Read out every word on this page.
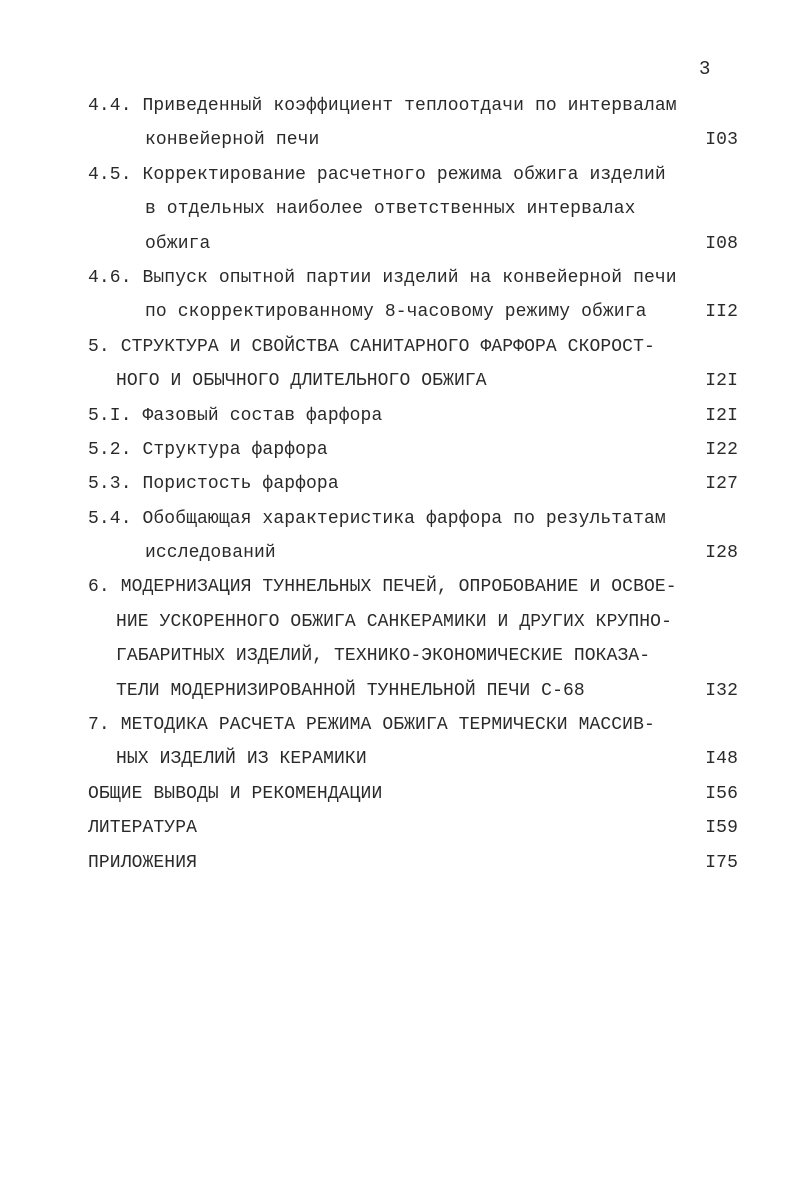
3
4.4. Приведенный коэффициент теплоотдачи по интервалам
конвейерной печи	I03
4.5. Корректирование расчетного режима обжига изделий
в отдельных наиболее ответственных интервалах
обжига	I08
4.6. Выпуск опытной партии изделий на конвейерной печи
по скорректированному 8-часовому режиму обжига	II2
5. СТРУКТУРА И СВОЙСТВА САНИТАРНОГО ФАРФОРА СКОРОСТ-
НОГО И ОБЫЧНОГО ДЛИТЕЛЬНОГО ОБЖИГА	I2I
5.I. Фазовый состав фарфора	I2I
5.2. Структура фарфора	I22
5.3. Пористость фарфора	I27
5.4. Обобщающая характеристика фарфора по результатам
исследований	I28
6. МОДЕРНИЗАЦИЯ ТУННЕЛЬНЫХ ПЕЧЕЙ, ОПРОБОВАНИЕ И ОСВОЕ-
НИЕ УСКОРЕННОГО ОБЖИГА САНКЕРАМИКИ И ДРУГИХ КРУПНО-
ГАБАРИТНЫХ ИЗДЕЛИЙ, ТЕХНИКО-ЭКОНОМИЧЕСКИЕ ПОКАЗА-
ТЕЛИ МОДЕРНИЗИРОВАННОЙ ТУННЕЛЬНОЙ ПЕЧИ С-68	I32
7. МЕТОДИКА РАСЧЕТА РЕЖИМА ОБЖИГА ТЕРМИЧЕСКИ МАССИВ-
НЫХ ИЗДЕЛИЙ ИЗ КЕРАМИКИ	I48
ОБЩИЕ ВЫВОДЫ И РЕКОМЕНДАЦИИ	I56
ЛИТЕРАТУРА	I59
ПРИЛОЖЕНИЯ	I75
